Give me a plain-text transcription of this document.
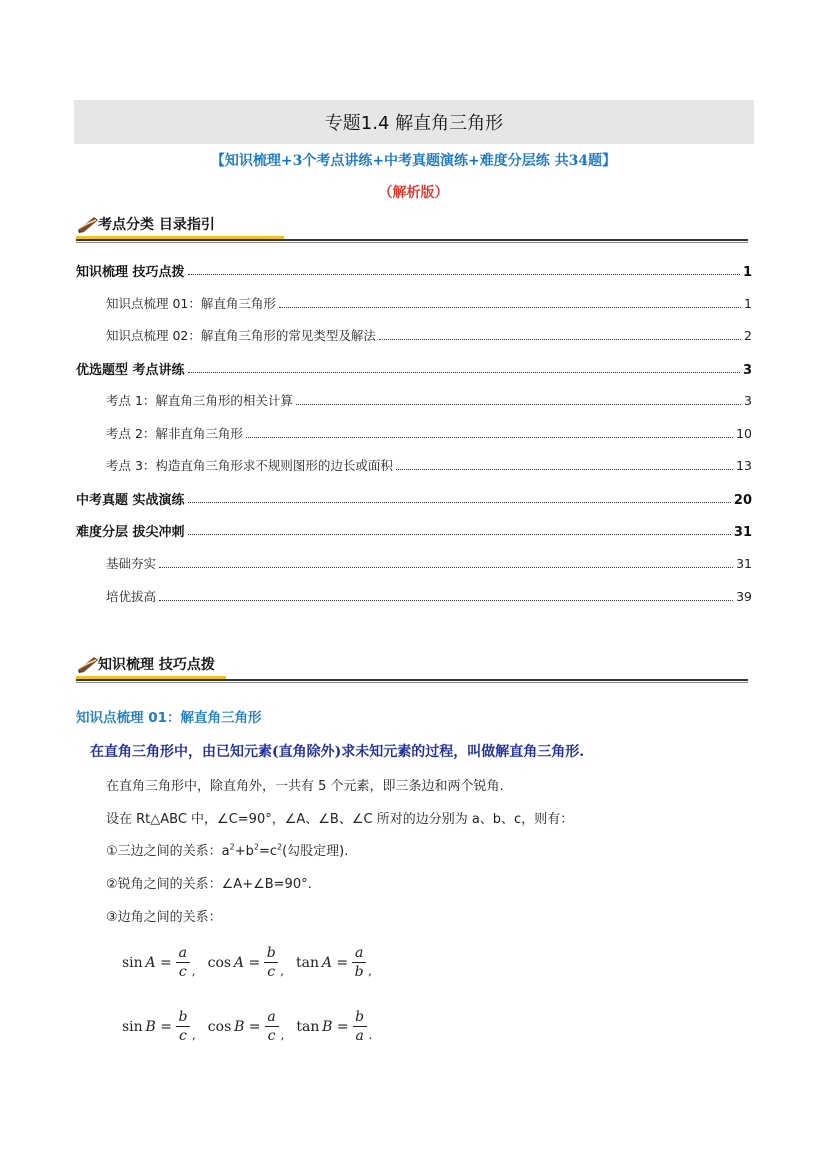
专题1.4 解直角三角形
【知识梳理+3个考点讲练+中考真题演练+难度分层练 共34题】
（解析版）
考点分类 目录指引
知识梳理 技巧点拨	1
知识点梳理 01：解直角三角形	1
知识点梳理 02：解直角三角形的常见类型及解法	2
优选题型 考点讲练	3
考点 1：解直角三角形的相关计算	3
考点 2：解非直角三角形	10
考点 3：构造直角三角形求不规则图形的边长或面积	13
中考真题 实战演练	20
难度分层 拔尖冲刺	31
基础夯实	31
培优拔高	39
知识梳理 技巧点拨
知识点梳理 01：解直角三角形
在直角三角形中，由已知元素(直角除外)求未知元素的过程，叫做解直角三角形.
在直角三角形中，除直角外，一共有 5 个元素，即三条边和两个锐角.
设在 Rt△ABC 中，∠C=90°，∠A、∠B、∠C 所对的边分别为 a、b、c，则有：
①三边之间的关系：$a^2+b^2=c^2$(勾股定理).
②锐角之间的关系：∠A+∠B=90°.
③边角之间的关系：
$\sin A = \frac{a}{c}$ , $\cos A = \frac{b}{c}$ , $\tan A = \frac{a}{b}$ ,
$\sin B = \frac{b}{c}$ , $\cos B = \frac{a}{c}$ , $\tan B = \frac{b}{a}$ .
